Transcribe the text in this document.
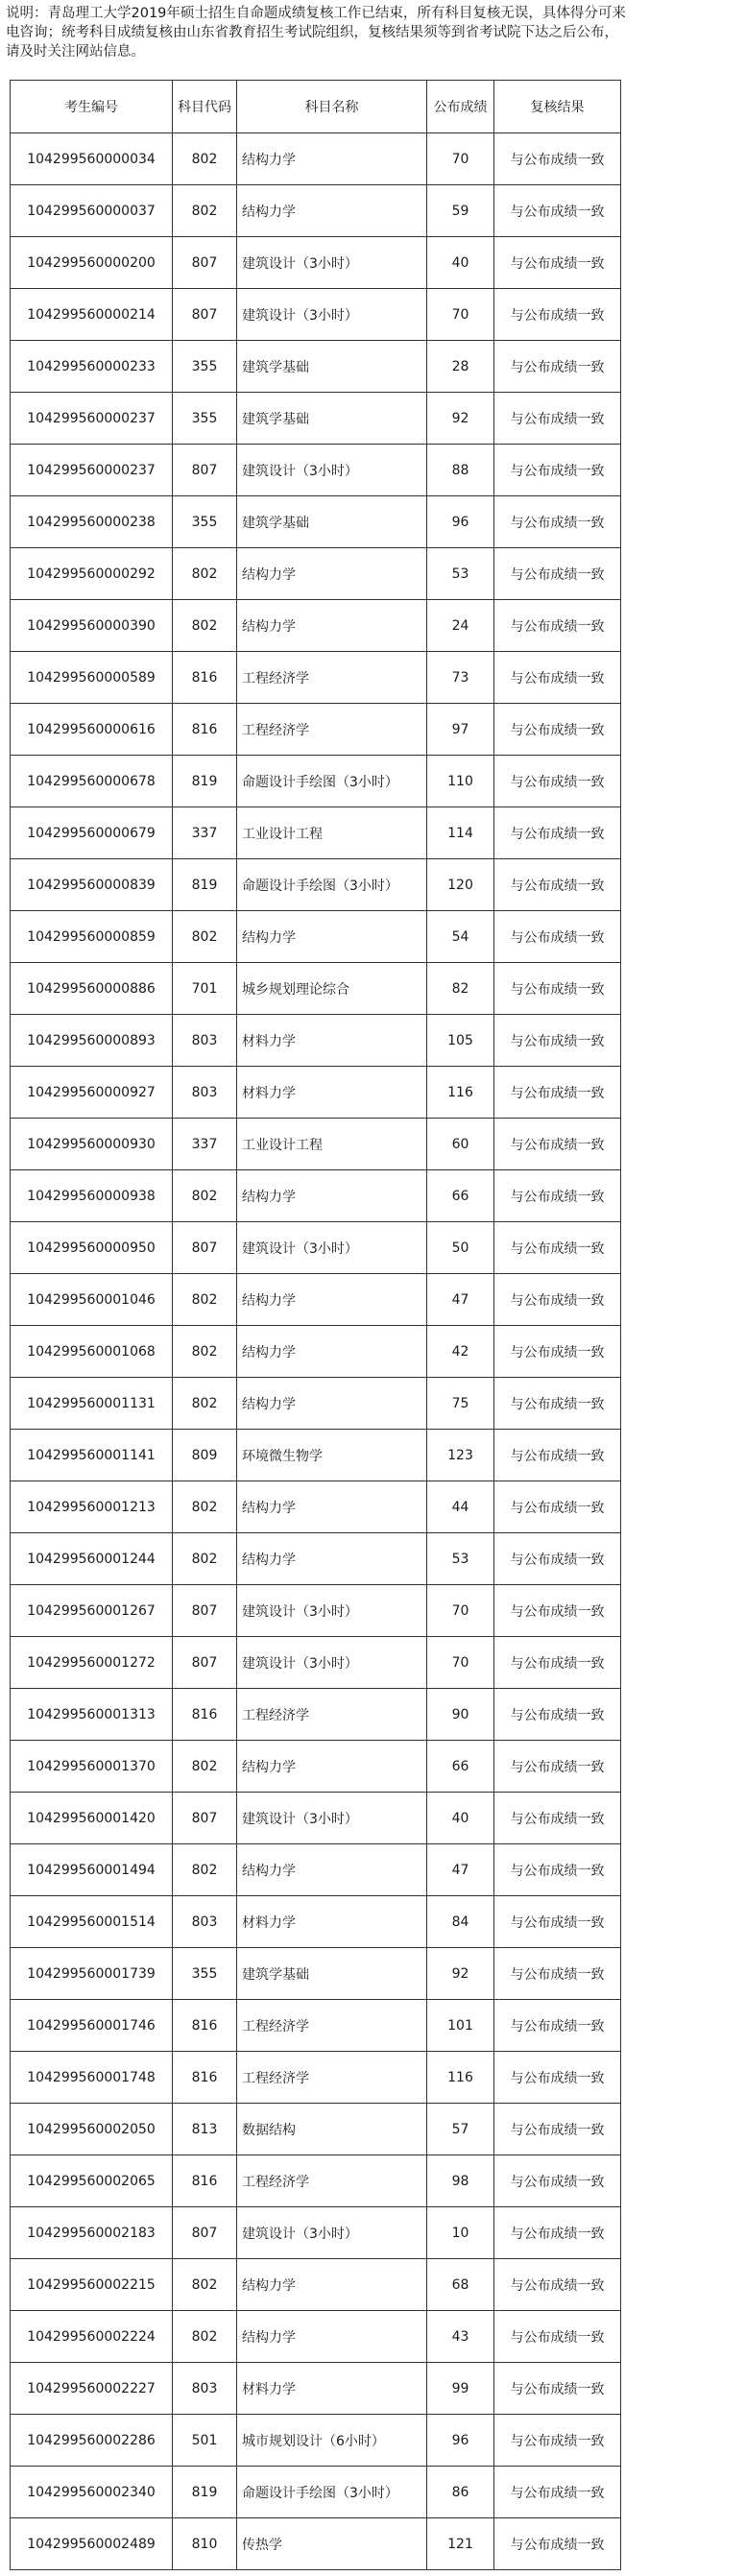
说明：青岛理工大学2019年硕士招生自命题成绩复核工作已结束，所有科目复核无误，具体得分可来

电咨询；统考科目成绩复核由山东省教育招生考试院组织，复核结果须等到省考试院下达之后公布，

请及时关注网站信息。

考生编号	科目代码	科目名称	公布成绩	复核结果
104299560000034	802	结构力学	70	与公布成绩一致
104299560000037	802	结构力学	59	与公布成绩一致
104299560000200	807	建筑设计（3小时）	40	与公布成绩一致
104299560000214	807	建筑设计（3小时）	70	与公布成绩一致
104299560000233	355	建筑学基础	28	与公布成绩一致
104299560000237	355	建筑学基础	92	与公布成绩一致
104299560000237	807	建筑设计（3小时）	88	与公布成绩一致
104299560000238	355	建筑学基础	96	与公布成绩一致
104299560000292	802	结构力学	53	与公布成绩一致
104299560000390	802	结构力学	24	与公布成绩一致
104299560000589	816	工程经济学	73	与公布成绩一致
104299560000616	816	工程经济学	97	与公布成绩一致
104299560000678	819	命题设计手绘图（3小时）	110	与公布成绩一致
104299560000679	337	工业设计工程	114	与公布成绩一致
104299560000839	819	命题设计手绘图（3小时）	120	与公布成绩一致
104299560000859	802	结构力学	54	与公布成绩一致
104299560000886	701	城乡规划理论综合	82	与公布成绩一致
104299560000893	803	材料力学	105	与公布成绩一致
104299560000927	803	材料力学	116	与公布成绩一致
104299560000930	337	工业设计工程	60	与公布成绩一致
104299560000938	802	结构力学	66	与公布成绩一致
104299560000950	807	建筑设计（3小时）	50	与公布成绩一致
104299560001046	802	结构力学	47	与公布成绩一致
104299560001068	802	结构力学	42	与公布成绩一致
104299560001131	802	结构力学	75	与公布成绩一致
104299560001141	809	环境微生物学	123	与公布成绩一致
104299560001213	802	结构力学	44	与公布成绩一致
104299560001244	802	结构力学	53	与公布成绩一致
104299560001267	807	建筑设计（3小时）	70	与公布成绩一致
104299560001272	807	建筑设计（3小时）	70	与公布成绩一致
104299560001313	816	工程经济学	90	与公布成绩一致
104299560001370	802	结构力学	66	与公布成绩一致
104299560001420	807	建筑设计（3小时）	40	与公布成绩一致
104299560001494	802	结构力学	47	与公布成绩一致
104299560001514	803	材料力学	84	与公布成绩一致
104299560001739	355	建筑学基础	92	与公布成绩一致
104299560001746	816	工程经济学	101	与公布成绩一致
104299560001748	816	工程经济学	116	与公布成绩一致
104299560002050	813	数据结构	57	与公布成绩一致
104299560002065	816	工程经济学	98	与公布成绩一致
104299560002183	807	建筑设计（3小时）	10	与公布成绩一致
104299560002215	802	结构力学	68	与公布成绩一致
104299560002224	802	结构力学	43	与公布成绩一致
104299560002227	803	材料力学	99	与公布成绩一致
104299560002286	501	城市规划设计（6小时）	96	与公布成绩一致
104299560002340	819	命题设计手绘图（3小时）	86	与公布成绩一致
104299560002489	810	传热学	121	与公布成绩一致
